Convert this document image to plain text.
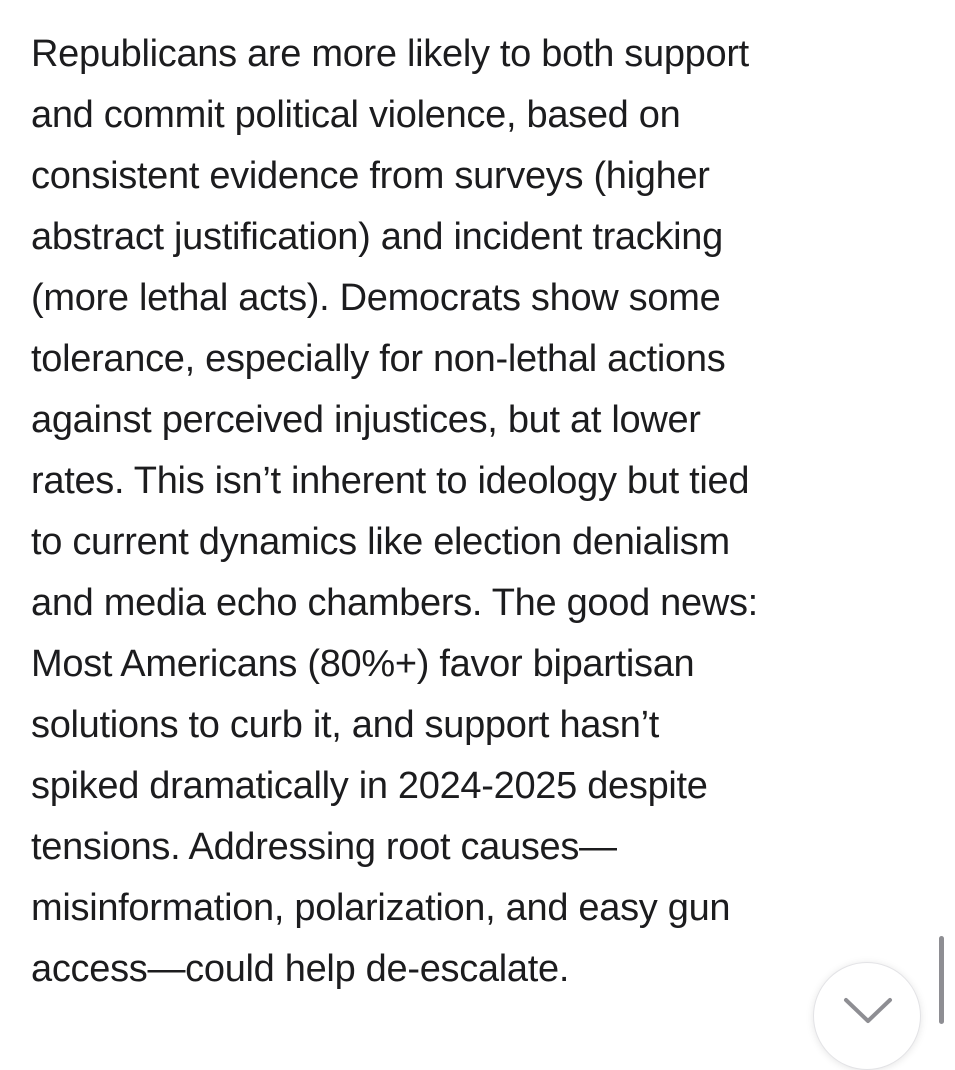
Republicans are more likely to both support
and commit political violence, based on
consistent evidence from surveys (higher
abstract justification) and incident tracking
(more lethal acts). Democrats show some
tolerance, especially for non-lethal actions
against perceived injustices, but at lower
rates. This isn’t inherent to ideology but tied
to current dynamics like election denialism
and media echo chambers. The good news:
Most Americans (80%+) favor bipartisan
solutions to curb it, and support hasn’t
spiked dramatically in 2024-2025 despite
tensions. Addressing root causes—
misinformation, polarization, and easy gun
access—could help de-escalate.
